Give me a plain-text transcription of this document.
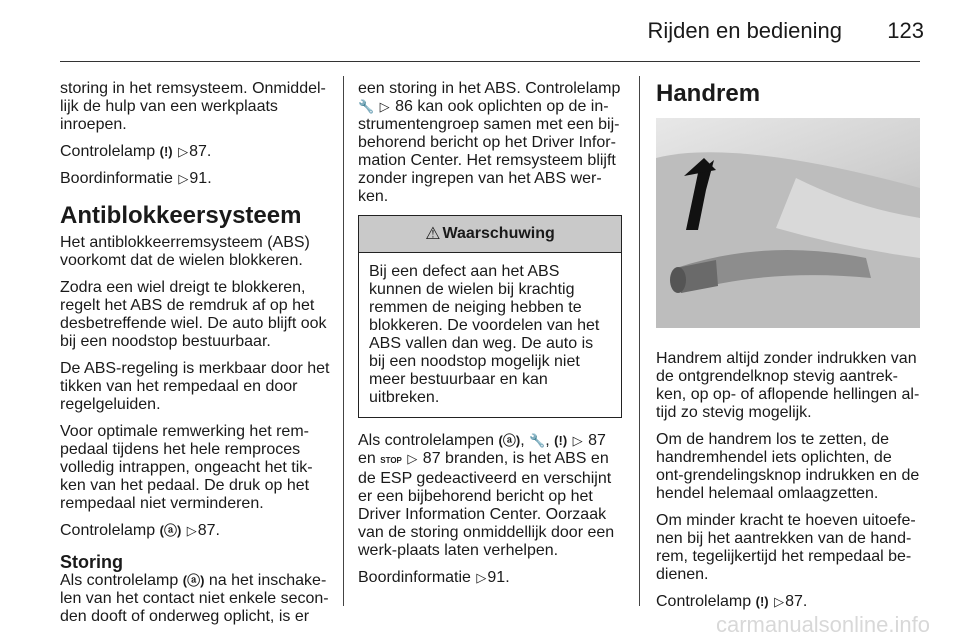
Rijden en bediening 123

storing in het remsysteem. Onmiddel-lijk de hulp van een werkplaats inroepen.

Controlelamp (!) ▷87.

Boordinformatie ▷91.

Antiblokkeersysteem

Het antiblokkeerremsysteem (ABS) voorkomt dat de wielen blokkeren.

Zodra een wiel dreigt te blokkeren, regelt het ABS de remdruk af op het desbetreffende wiel. De auto blijft ook bij een noodstop bestuurbaar.

De ABS-regeling is merkbaar door het tikken van het rempedaal en door regelgeluiden.

Voor optimale remwerking het rem-pedaal tijdens het hele remproces volledig intrappen, ongeacht het tik-ken van het pedaal. De druk op het rempedaal niet verminderen.

Controlelamp (ⓐ) ▷87.

Storing

Als controlelamp (ⓐ) na het inschake-len van het contact niet enkele secon-den dooft of onderweg oplicht, is er

een storing in het ABS. Controlelamp 🔧 ▷ 86 kan ook oplichten op de in-strumentengroep samen met een bij-behorend bericht op het Driver Infor-mation Center. Het remsysteem blijft zonder ingrepen van het ABS wer-ken.

⚠ Waarschuwing
Bij een defect aan het ABS kunnen de wielen bij krachtig remmen de neiging hebben te blokkeren. De voordelen van het ABS vallen dan weg. De auto is bij een noodstop mogelijk niet meer bestuurbaar en kan uitbreken.

Als controlelampen (ⓐ), 🔧, (!) ▷ 87 en STOP ▷ 87 branden, is het ABS en de ESP gedeactiveerd en verschijnt er een bijbehorend bericht op het Driver Information Center. Oorzaak van de storing onmiddellijk door een werk-plaats laten verhelpen.

Boordinformatie ▷91.

Handrem

Handrem altijd zonder indrukken van de ontgrendelknop stevig aantrek-ken, op op- of aflopende hellingen al-tijd zo stevig mogelijk.

Om de handrem los te zetten, de handremhendel iets oplichten, de ont-grendelingsknop indrukken en de hendel helemaal omlaagzetten.

Om minder kracht te hoeven uitoefe-nen bij het aantrekken van de hand-rem, tegelijkertijd het rempedaal be-dienen.

Controlelamp (!) ▷87.

carmanualsonline.info
